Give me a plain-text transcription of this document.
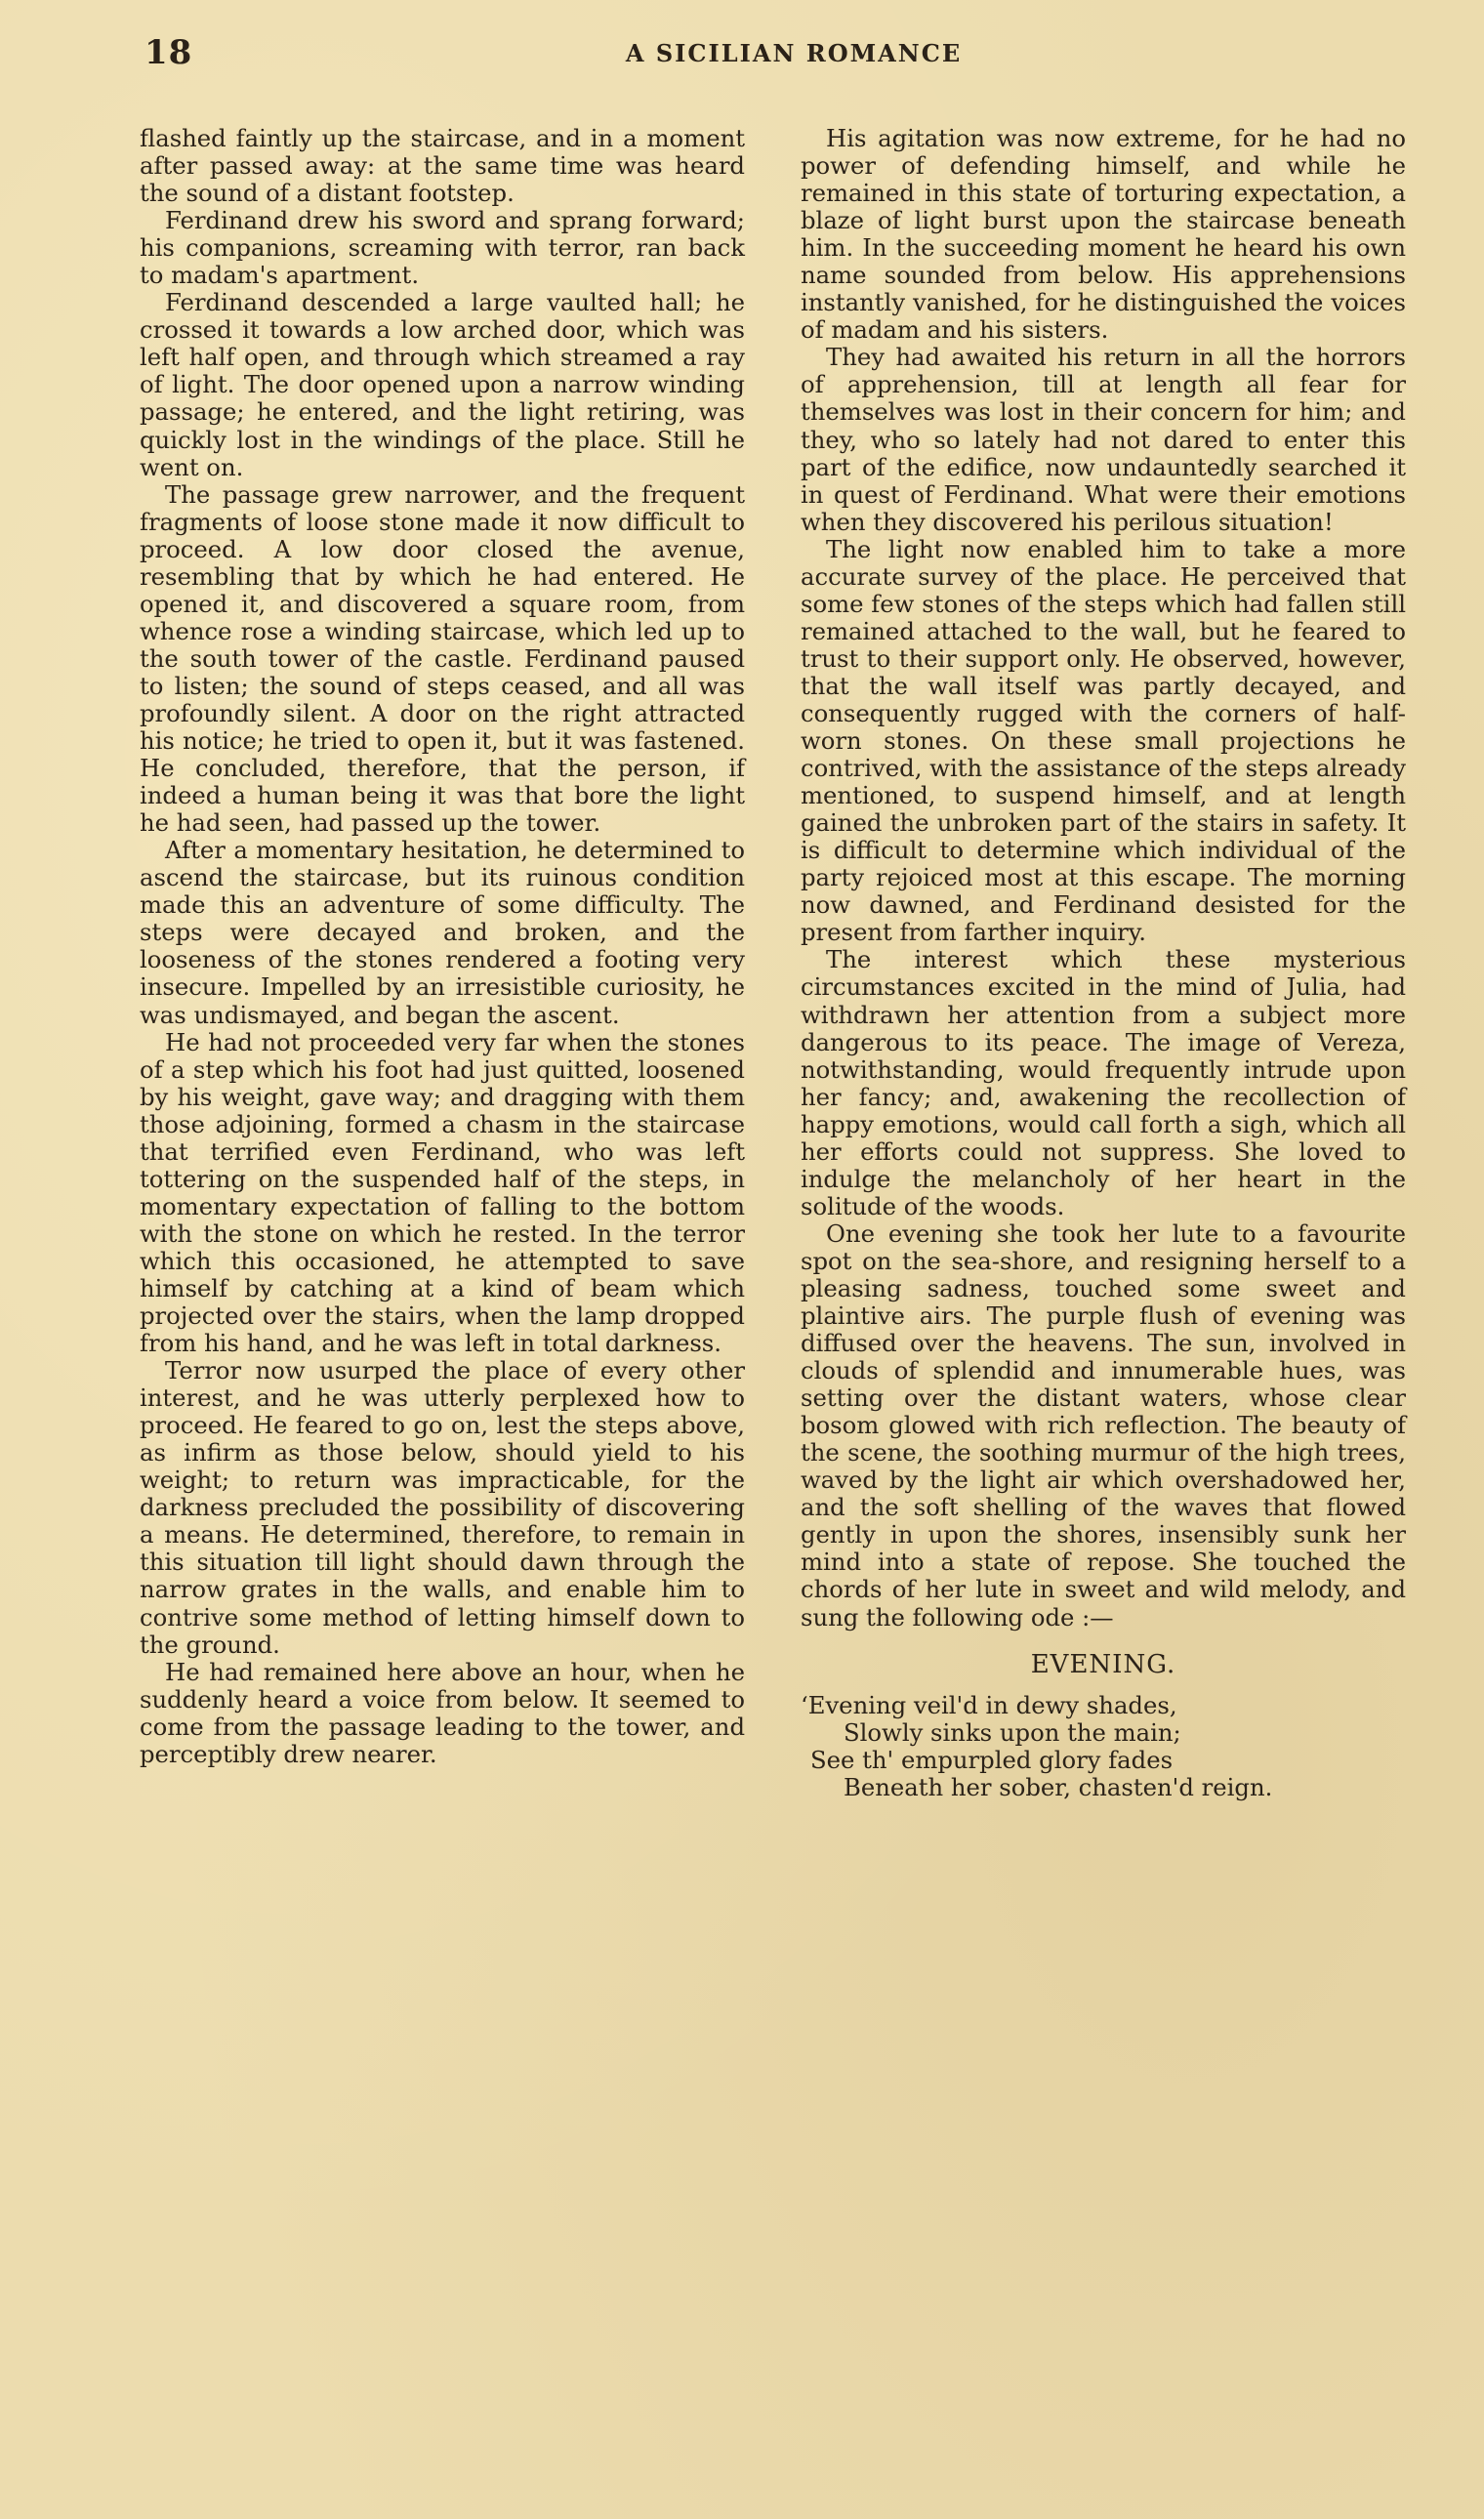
18	A SICILIAN ROMANCE

flashed faintly up the staircase, and in a moment after passed away: at the same time was heard the sound of a distant footstep.

Ferdinand drew his sword and sprang forward; his companions, screaming with terror, ran back to madam's apartment.

Ferdinand descended a large vaulted hall; he crossed it towards a low arched door, which was left half open, and through which streamed a ray of light. The door opened upon a narrow winding passage; he entered, and the light retiring, was quickly lost in the windings of the place. Still he went on.

The passage grew narrower, and the frequent fragments of loose stone made it now difficult to proceed. A low door closed the avenue, resembling that by which he had entered. He opened it, and discovered a square room, from whence rose a winding staircase, which led up to the south tower of the castle. Ferdinand paused to listen; the sound of steps ceased, and all was profoundly silent. A door on the right attracted his notice; he tried to open it, but it was fastened. He concluded, therefore, that the person, if indeed a human being it was that bore the light he had seen, had passed up the tower.

After a momentary hesitation, he determined to ascend the staircase, but its ruinous condition made this an adventure of some difficulty. The steps were decayed and broken, and the looseness of the stones rendered a footing very insecure. Impelled by an irresistible curiosity, he was undismayed, and began the ascent.

He had not proceeded very far when the stones of a step which his foot had just quitted, loosened by his weight, gave way; and dragging with them those adjoining, formed a chasm in the staircase that terrified even Ferdinand, who was left tottering on the suspended half of the steps, in momentary expectation of falling to the bottom with the stone on which he rested. In the terror which this occasioned, he attempted to save himself by catching at a kind of beam which projected over the stairs, when the lamp dropped from his hand, and he was left in total darkness.

Terror now usurped the place of every other interest, and he was utterly perplexed how to proceed. He feared to go on, lest the steps above, as infirm as those below, should yield to his weight; to return was impracticable, for the darkness precluded the possibility of discovering a means. He determined, therefore, to remain in this situation till light should dawn through the narrow grates in the walls, and enable him to contrive some method of letting himself down to the ground.

He had remained here above an hour, when he suddenly heard a voice from below. It seemed to come from the passage leading to the tower, and perceptibly drew nearer.

His agitation was now extreme, for he had no power of defending himself, and while he remained in this state of torturing expectation, a blaze of light burst upon the staircase beneath him. In the succeeding moment he heard his own name sounded from below. His apprehensions instantly vanished, for he distinguished the voices of madam and his sisters.

They had awaited his return in all the horrors of apprehension, till at length all fear for themselves was lost in their concern for him; and they, who so lately had not dared to enter this part of the edifice, now undauntedly searched it in quest of Ferdinand. What were their emotions when they discovered his perilous situation!

The light now enabled him to take a more accurate survey of the place. He perceived that some few stones of the steps which had fallen still remained attached to the wall, but he feared to trust to their support only. He observed, however, that the wall itself was partly decayed, and consequently rugged with the corners of half-worn stones. On these small projections he contrived, with the assistance of the steps already mentioned, to suspend himself, and at length gained the unbroken part of the stairs in safety. It is difficult to determine which individual of the party rejoiced most at this escape. The morning now dawned, and Ferdinand desisted for the present from farther inquiry.

The interest which these mysterious circumstances excited in the mind of Julia, had withdrawn her attention from a subject more dangerous to its peace. The image of Vereza, notwithstanding, would frequently intrude upon her fancy; and, awakening the recollection of happy emotions, would call forth a sigh, which all her efforts could not suppress. She loved to indulge the melancholy of her heart in the solitude of the woods.

One evening she took her lute to a favourite spot on the sea-shore, and resigning herself to a pleasing sadness, touched some sweet and plaintive airs. The purple flush of evening was diffused over the heavens. The sun, involved in clouds of splendid and innumerable hues, was setting over the distant waters, whose clear bosom glowed with rich reflection. The beauty of the scene, the soothing murmur of the high trees, waved by the light air which overshadowed her, and the soft shelling of the waves that flowed gently in upon the shores, insensibly sunk her mind into a state of repose. She touched the chords of her lute in sweet and wild melody, and sung the following ode :—

EVENING.
‘Evening veil'd in dewy shades,
Slowly sinks upon the main;
See th' empurpled glory fades
Beneath her sober, chasten'd reign.
